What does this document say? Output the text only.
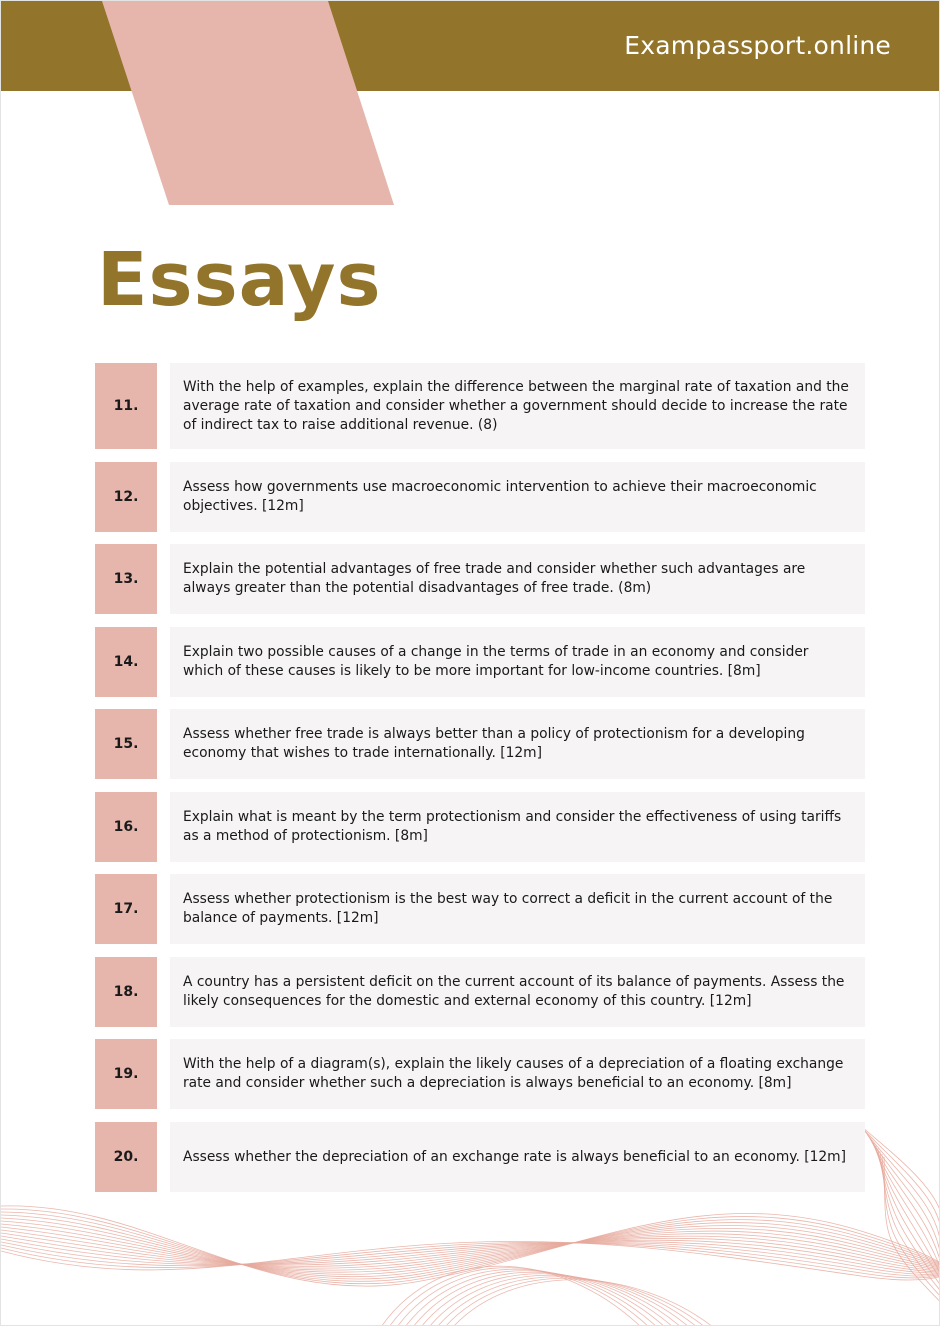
Exampassport.online
Essays
11.
With the help of examples, explain the difference between the marginal rate of taxation and the average rate of taxation and consider whether a government should decide to increase the rate of indirect tax to raise additional revenue. (8)
12.
Assess how governments use macroeconomic intervention to achieve their macroeconomic objectives. [12m]
13.
Explain the potential advantages of free trade and consider whether such advantages are always greater than the potential disadvantages of free trade. (8m)
14.
Explain two possible causes of a change in the terms of trade in an economy and consider which of these causes is likely to be more important for low-income countries. [8m]
15.
Assess whether free trade is always better than a policy of protectionism for a developing economy that wishes to trade internationally. [12m]
16.
Explain what is meant by the term protectionism and consider the effectiveness of using tariffs as a method of protectionism. [8m]
17.
Assess whether protectionism is the best way to correct a deficit in the current account of the balance of payments. [12m]
18.
A country has a persistent deficit on the current account of its balance of payments. Assess the likely consequences for the domestic and external economy of this country. [12m]
19.
With the help of a diagram(s), explain the likely causes of a depreciation of a floating exchange rate and consider whether such a depreciation is always beneficial to an economy. [8m]
20.	Assess whether the depreciation of an exchange rate is always beneficial to an economy. [12m]
